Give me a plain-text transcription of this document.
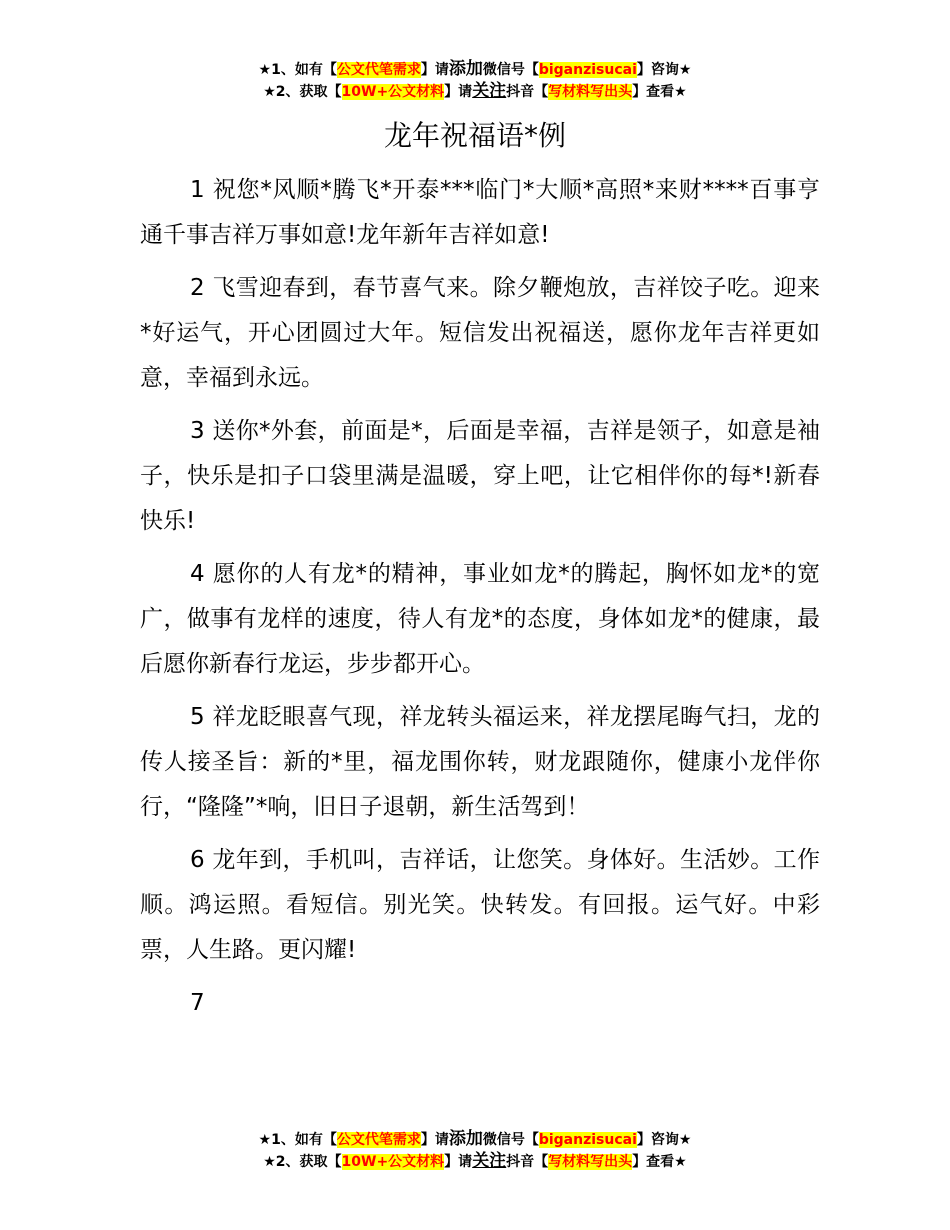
★1、如有【公文代笔需求】请添加微信号【biganzisucai】咨询★
★2、获取【10W+公文材料】请关注抖音【写材料写出头】查看★
龙年祝福语*例

1 祝您*风顺*腾飞*开泰***临门*大顺*高照*来财****百事亨通千事吉祥万事如意!龙年新年吉祥如意!

2 飞雪迎春到，春节喜气来。除夕鞭炮放，吉祥饺子吃。迎来*好运气，开心团圆过大年。短信发出祝福送，愿你龙年吉祥更如意，幸福到永远。

3 送你*外套，前面是*，后面是幸福，吉祥是领子，如意是袖子，快乐是扣子口袋里满是温暖，穿上吧，让它相伴你的每*!新春快乐!

4 愿你的人有龙*的精神，事业如龙*的腾起，胸怀如龙*的宽广，做事有龙样的速度，待人有龙*的态度，身体如龙*的健康，最后愿你新春行龙运，步步都开心。

5 祥龙眨眼喜气现，祥龙转头福运来，祥龙摆尾晦气扫，龙的传人接圣旨：新的*里，福龙围你转，财龙跟随你，健康小龙伴你行，“隆隆”*响，旧日子退朝，新生活驾到！

6 龙年到，手机叫，吉祥话，让您笑。身体好。生活妙。工作顺。鸿运照。看短信。别光笑。快转发。有回报。运气好。中彩票，人生路。更闪耀!

7

★1、如有【公文代笔需求】请添加微信号【biganzisucai】咨询★
★2、获取【10W+公文材料】请关注抖音【写材料写出头】查看★
